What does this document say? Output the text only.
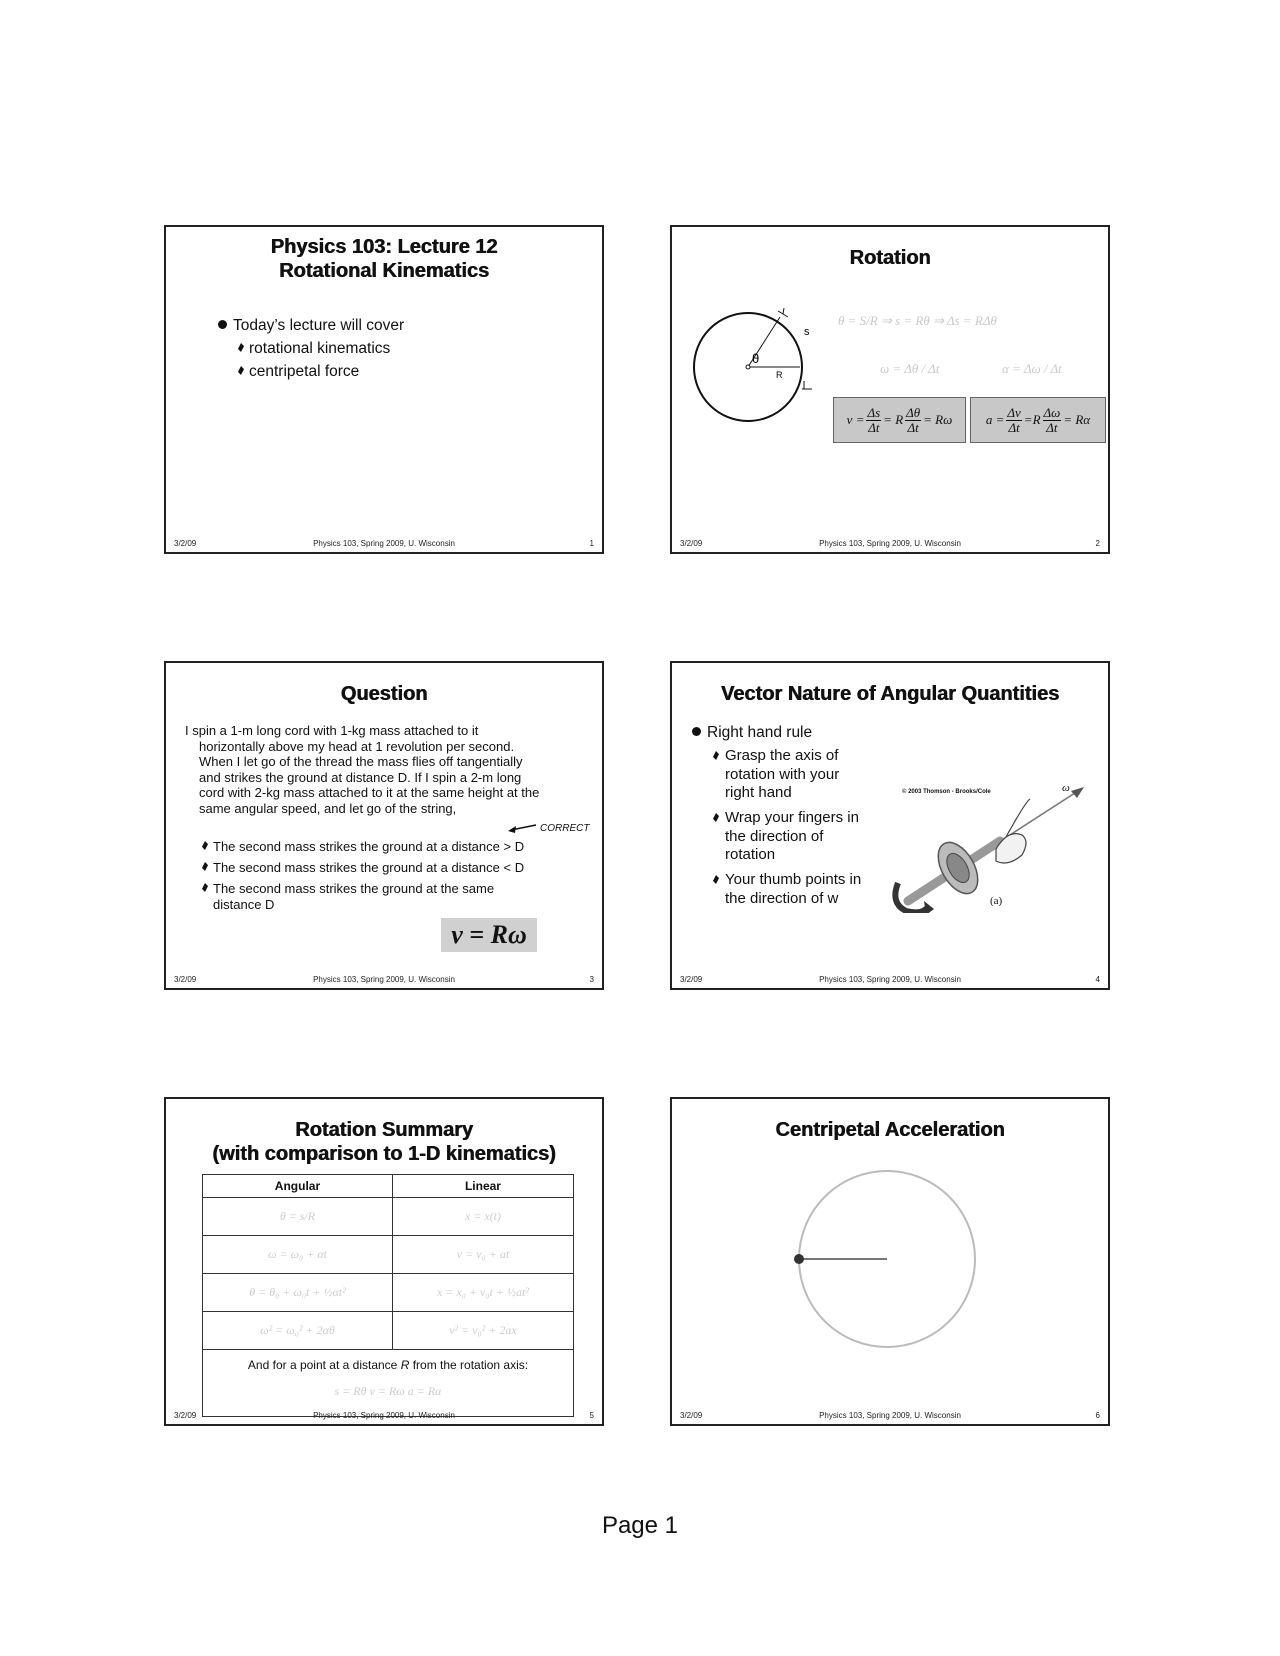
Physics 103: Lecture 12
Rotational Kinematics
Today’s lecture will cover
rotational kinematics
centripetal force
3/2/09	Physics 103, Spring 2009, U. Wisconsin	1
Rotation
s
θ
R
θ = S/R ⇒ s = Rθ ⇒ Δs = RΔθ
ω = Δθ / Δt	α = Δω / Δt
$v = \frac{\Delta s}{\Delta t} = R \frac{\Delta\theta}{\Delta t} = R\omega$	$a = \frac{\Delta v}{\Delta t} =R \frac{\Delta\omega}{\Delta t} = R\alpha$
3/2/09	Physics 103, Spring 2009, U. Wisconsin	2
Question
I spin a 1-m long cord with 1-kg mass attached to it
horizontally above my head at 1 revolution per second.
When I let go of the thread the mass flies off tangentially
and strikes the ground at distance D. If I spin a 2-m long
cord with 2-kg mass attached to it at the same height at the
same angular speed, and let go of the string,
CORRECT
The second mass strikes the ground at a distance > D
The second mass strikes the ground at a distance < D
The second mass strikes the ground at the same
distance D
v = Rω
3/2/09	Physics 103, Spring 2009, U. Wisconsin	3
Vector Nature of Angular Quantities
Right hand rule
Grasp the axis of
rotation with your
right hand
Wrap your fingers in
the direction of
rotation
Your thumb points in
the direction of w
© 2003 Thomson - Brooks/Cole	ω
(a)
3/2/09	Physics 103, Spring 2009, U. Wisconsin	4
Rotation Summary
(with comparison to 1-D kinematics)
Angular	Linear
θ = s/R	x = x(t)
ω = ω₀ + αt	v = v₀ + at
θ = θ₀ + ω₀t + ½αt²	x = x₀ + v₀t + ½at²
ω² = ω₀² + 2αθ	v² = v₀² + 2ax
And for a point at a distance R from the rotation axis:
s = Rθ v = Rω a = Rα	
3/2/09	Physics 103, Spring 2009, U. Wisconsin	5
Centripetal Acceleration
3/2/09	Physics 103, Spring 2009, U. Wisconsin	6
Page 1
